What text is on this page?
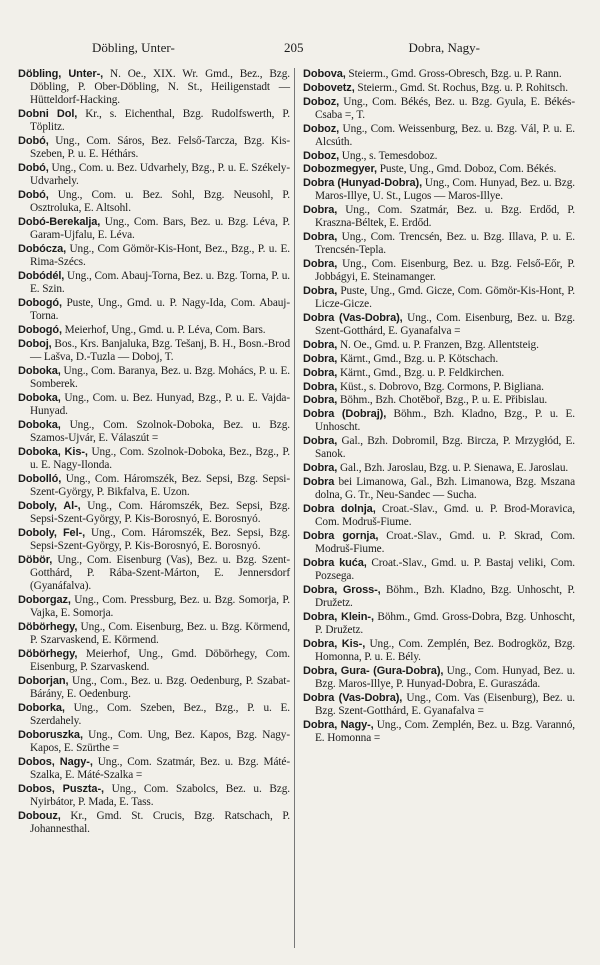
Döbling, Unter-	205	Dobra, Nagy-

Döbling, Unter-, N. Oe., XIX. Wr. Gmd., Bez., Bzg. Döbling, P. Ober-Döbling, N. St., Heiligenstadt — Hütteldorf-Hacking.

Dobni Dol, Kr., s. Eichenthal, Bzg. Rudolfswerth, P. Töplitz.

Dobó, Ung., Com. Sáros, Bez. Felső-Tarcza, Bzg. Kis-Szeben, P. u. E. Héthárs.

Dobó, Ung., Com. u. Bez. Udvarhely, Bzg., P. u. E. Székely-Udvarhely.

Dobó, Ung., Com. u. Bez. Sohl, Bzg. Neusohl, P. Osztroluka, E. Altsohl.

Dobó-Berekalja, Ung., Com. Bars, Bez. u. Bzg. Léva, P. Garam-Ujfalu, E. Léva.

Dobócza, Ung., Com Gömör-Kis-Hont, Bez., Bzg., P. u. E. Rima-Szécs.

Dobódél, Ung., Com. Abauj-Torna, Bez. u. Bzg. Torna, P. u. E. Szin.

Dobogó, Puste, Ung., Gmd. u. P. Nagy-Ida, Com. Abauj-Torna.

Dobogó, Meierhof, Ung., Gmd. u. P. Léva, Com. Bars.

Doboj, Bos., Krs. Banjaluka, Bzg. Tešanj, B. H., Bosn.-Brod — Lašva, D.-Tuzla — Doboj, T.

Doboka, Ung., Com. Baranya, Bez. u. Bzg. Mohács, P. u. E. Somberek.

Doboka, Ung., Com. u. Bez. Hunyad, Bzg., P. u. E. Vajda-Hunyad.

Doboka, Ung., Com. Szolnok-Doboka, Bez. u. Bzg. Szamos-Ujvár, E. Válaszút =

Doboka, Kis-, Ung., Com. Szolnok-Doboka, Bez., Bzg., P. u. E. Nagy-Ilonda.

Dobolló, Ung., Com. Háromszék, Bez. Sepsi, Bzg. Sepsi-Szent-György, P. Bikfalva, E. Uzon.

Doboly, Al-, Ung., Com. Háromszék, Bez. Sepsi, Bzg. Sepsi-Szent-György, P. Kis-Borosnyó, E. Borosnyó.

Doboly, Fel-, Ung., Com. Háromszék, Bez. Sepsi, Bzg. Sepsi-Szent-György, P. Kis-Borosnyó, E. Borosnyó.

Döbör, Ung., Com. Eisenburg (Vas), Bez. u. Bzg. Szent-Gotthárd, P. Rába-Szent-Márton, E. Jennersdorf (Gyanáfalva).

Doborgaz, Ung., Com. Pressburg, Bez. u. Bzg. Somorja, P. Vajka, E. Somorja.

Döbörhegy, Ung., Com. Eisenburg, Bez. u. Bzg. Körmend, P. Szarvaskend, E. Körmend.

Döbörhegy, Meierhof, Ung., Gmd. Döbörhegy, Com. Eisenburg, P. Szarvaskend.

Doborjan, Ung., Com., Bez. u. Bzg. Oedenburg, P. Szabat-Bárány, E. Oedenburg.

Doborka, Ung., Com. Szeben, Bez., Bzg., P. u. E. Szerdahely.

Doboruszka, Ung., Com. Ung, Bez. Kapos, Bzg. Nagy-Kapos, E. Szürthe =

Dobos, Nagy-, Ung., Com. Szatmár, Bez. u. Bzg. Máté-Szalka, E. Máté-Szalka =

Dobos, Puszta-, Ung., Com. Szabolcs, Bez. u. Bzg. Nyirbátor, P. Mada, E. Tass.

Dobouz, Kr., Gmd. St. Crucis, Bzg. Ratschach, P. Johannesthal.

Dobova, Steierm., Gmd. Gross-Obresch, Bzg. u. P. Rann.

Dobovetz, Steierm., Gmd. St. Rochus, Bzg. u. P. Rohitsch.

Doboz, Ung., Com. Békés, Bez. u. Bzg. Gyula, E. Békés-Csaba =, T.

Doboz, Ung., Com. Weissenburg, Bez. u. Bzg. Vál, P. u. E. Alcsúth.

Doboz, Ung., s. Temesdoboz.

Dobozmegyer, Puste, Ung., Gmd. Doboz, Com. Békés.

Dobra (Hunyad-Dobra), Ung., Com. Hunyad, Bez. u. Bzg. Maros-Illye, U. St., Lugos — Maros-Illye.

Dobra, Ung., Com. Szatmár, Bez. u. Bzg. Erdőd, P. Kraszna-Béltek, E. Erdőd.

Dobra, Ung., Com. Trencsén, Bez. u. Bzg. Illava, P. u. E. Trencsén-Tepla.

Dobra, Ung., Com. Eisenburg, Bez. u. Bzg. Felső-Eőr, P. Jobbágyi, E. Steinamanger.

Dobra, Puste, Ung., Gmd. Gicze, Com. Gömör-Kis-Hont, P. Licze-Gicze.

Dobra (Vas-Dobra), Ung., Com. Eisenburg, Bez. u. Bzg. Szent-Gotthárd, E. Gyanafalva =

Dobra, N. Oe., Gmd. u. P. Franzen, Bzg. Allentsteig.

Dobra, Kärnt., Gmd., Bzg. u. P. Kötschach.

Dobra, Kärnt., Gmd., Bzg. u. P. Feldkirchen.

Dobra, Küst., s. Dobrovo, Bzg. Cormons, P. Bigliana.

Dobra, Böhm., Bzh. Chotěboř, Bzg., P. u. E. Přibislau.

Dobra (Dobraj), Böhm., Bzh. Kladno, Bzg., P. u. E. Unhoscht.

Dobra, Gal., Bzh. Dobromil, Bzg. Bircza, P. Mrzygłód, E. Sanok.

Dobra, Gal., Bzh. Jaroslau, Bzg. u. P. Sienawa, E. Jaroslau.

Dobra bei Limanowa, Gal., Bzh. Limanowa, Bzg. Mszana dolna, G. Tr., Neu-Sandec — Sucha.

Dobra dolnja, Croat.-Slav., Gmd. u. P. Brod-Moravica, Com. Modruš-Fiume.

Dobra gornja, Croat.-Slav., Gmd. u. P. Skrad, Com. Modruš-Fiume.

Dobra kuća, Croat.-Slav., Gmd. u. P. Bastaj veliki, Com. Pozsega.

Dobra, Gross-, Böhm., Bzh. Kladno, Bzg. Unhoscht, P. Družetz.

Dobra, Klein-, Böhm., Gmd. Gross-Dobra, Bzg. Unhoscht, P. Družetz.

Dobra, Kis-, Ung., Com. Zemplén, Bez. Bodrogköz, Bzg. Homonna, P. u. E. Bély.

Dobra, Gura- (Gura-Dobra), Ung., Com. Hunyad, Bez. u. Bzg. Maros-Illye, P. Hunyad-Dobra, E. Guraszáda.

Dobra (Vas-Dobra), Ung., Com. Vas (Eisenburg), Bez. u. Bzg. Szent-Gotthárd, E. Gyanafalva =

Dobra, Nagy-, Ung., Com. Zemplén, Bez. u. Bzg. Varannó, E. Homonna =
